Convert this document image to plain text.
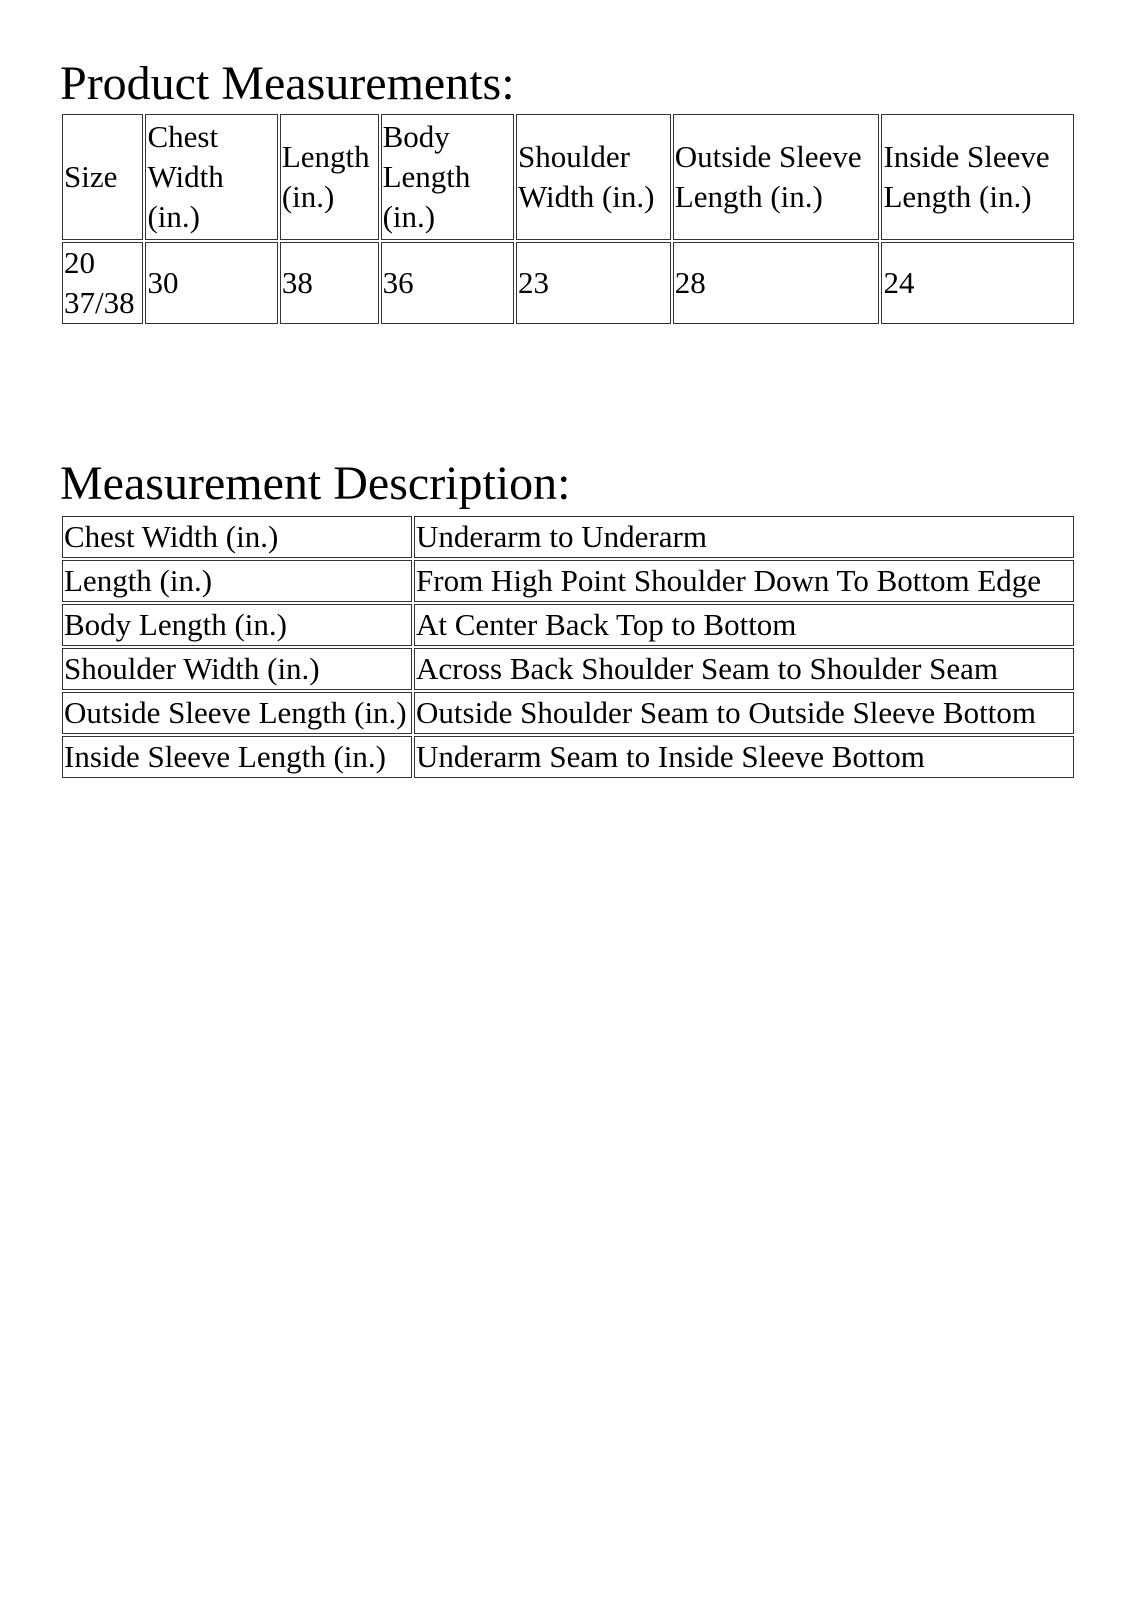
Product Measurements:
Size	Chest Width (in.)	Length (in.)	Body Length (in.)	Shoulder Width (in.)	Outside Sleeve Length (in.)	Inside Sleeve Length (in.)
20 37/38	30	38	36	23	28	24
Measurement Description:
Chest Width (in.)	Underarm to Underarm
Length (in.)	From High Point Shoulder Down To Bottom Edge
Body Length (in.)	At Center Back Top to Bottom
Shoulder Width (in.)	Across Back Shoulder Seam to Shoulder Seam
Outside Sleeve Length (in.)	Outside Shoulder Seam to Outside Sleeve Bottom
Inside Sleeve Length (in.)	Underarm Seam to Inside Sleeve Bottom
